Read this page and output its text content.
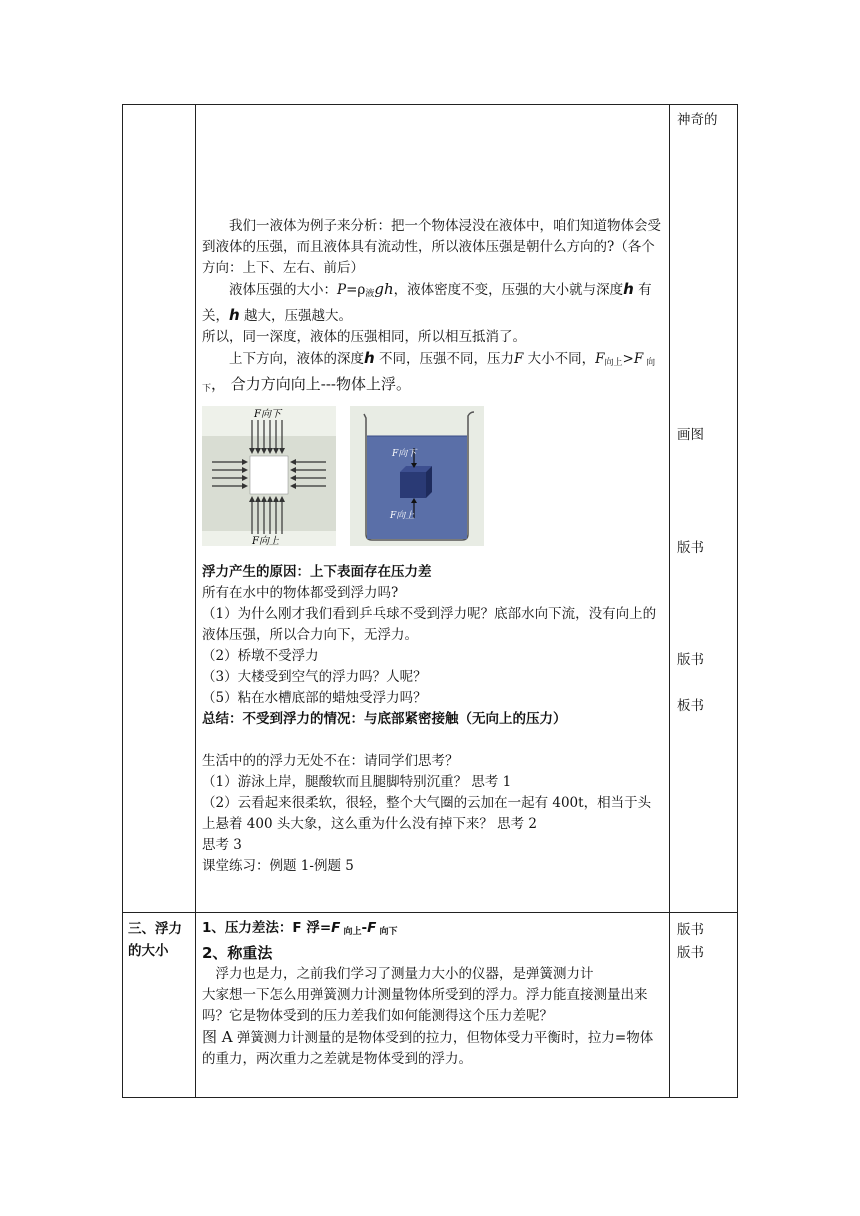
神奇的
画图
版书
版书
板书
版书
版书

我们一液体为例子来分析：把一个物体浸没在液体中，咱们知道物体会受到液体的压强，而且液体具有流动性，所以液体压强是朝什么方向的?（各个方向：上下、左右、前后）

液体压强的大小：$P=\rho_液gh$，液体密度不变，压强的大小就与深度h 有关，h 越大，压强越大。

所以，同一深度，液体的压强相同，所以相互抵消了。

上下方向，液体的深度h 不同，压强不同，压力F 大小不同，$F_{向上}>F$ $_{向下}$， 合力方向向上---物体上浮。

F向下
F向上
F向下
F向上

浮力产生的原因：上下表面存在压力差

所有在水中的物体都受到浮力吗?

（1）为什么刚才我们看到乒乓球不受到浮力呢？底部水向下流，没有向上的液体压强，所以合力向下，无浮力。

（2）桥墩不受浮力

（3）大楼受到空气的浮力吗？人呢？

（5）粘在水槽底部的蜡烛受浮力吗？

总结：不受到浮力的情况：与底部紧密接触（无向上的压力）

生活中的的浮力无处不在：请同学们思考？

（1）游泳上岸，腿酸软而且腿脚特别沉重？ 思考 1

（2）云看起来很柔软，很轻，整个大气圈的云加在一起有 400t，相当于头上悬着 400 头大象，这么重为什么没有掉下来？ 思考 2

思考 3

课堂练习：例题 1-例题 5

三、浮力的大小

1、压力差法：F 浮=F $_{向上}$-F $_{向下}$

2、称重法

浮力也是力，之前我们学习了测量力大小的仪器，是弹簧测力计

大家想一下怎么用弹簧测力计测量物体所受到的浮力。浮力能直接测量出来吗？它是物体受到的压力差我们如何能测得这个压力差呢？

图 A 弹簧测力计测量的是物体受到的拉力，但物体受力平衡时，拉力=物体的重力，两次重力之差就是物体受到的浮力。
